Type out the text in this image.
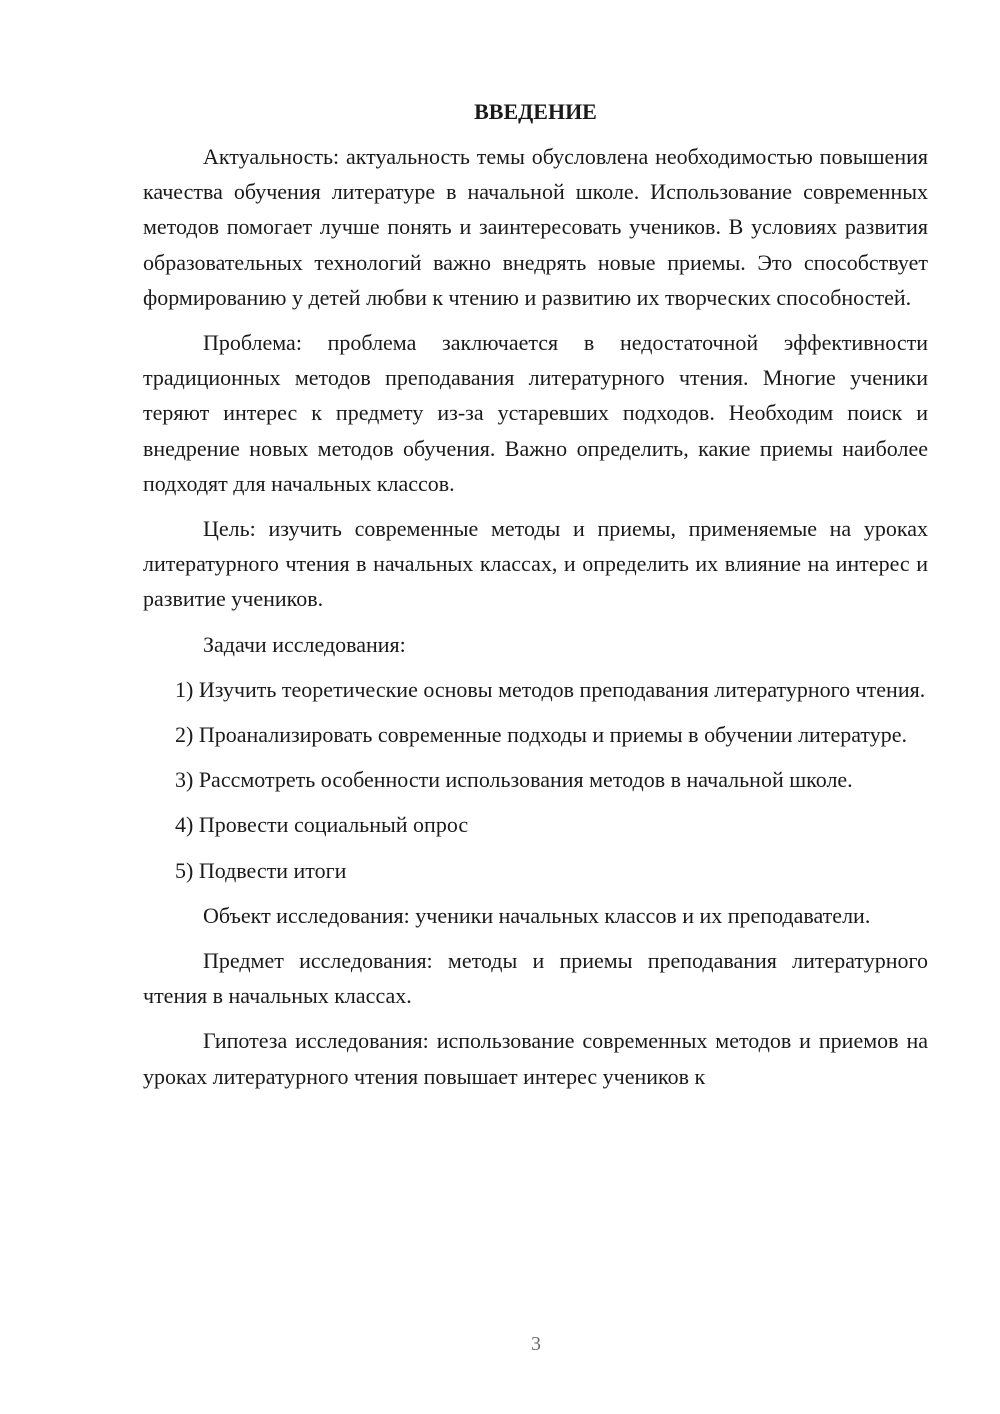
ВВЕДЕНИЕ

Актуальность: актуальность темы обусловлена необходимостью повышения качества обучения литературе в начальной школе. Использование современных методов помогает лучше понять и заинтересовать учеников. В условиях развития образовательных технологий важно внедрять новые приемы. Это способствует формированию у детей любви к чтению и развитию их творческих способностей.

Проблема: проблема заключается в недостаточной эффективности традиционных методов преподавания литературного чтения. Многие ученики теряют интерес к предмету из-за устаревших подходов. Необходим поиск и внедрение новых методов обучения. Важно определить, какие приемы наиболее подходят для начальных классов.

Цель: изучить современные методы и приемы, применяемые на уроках литературного чтения в начальных классах, и определить их влияние на интерес и развитие учеников.

Задачи исследования:

1) Изучить теоретические основы методов преподавания литературного чтения.

2) Проанализировать современные подходы и приемы в обучении литературе.

3) Рассмотреть особенности использования методов в начальной школе.

4) Провести социальный опрос

5) Подвести итоги

Объект исследования: ученики начальных классов и их преподаватели.

Предмет исследования: методы и приемы преподавания литературного чтения в начальных классах.

Гипотеза исследования: использование современных методов и приемов на уроках литературного чтения повышает интерес учеников к

3
